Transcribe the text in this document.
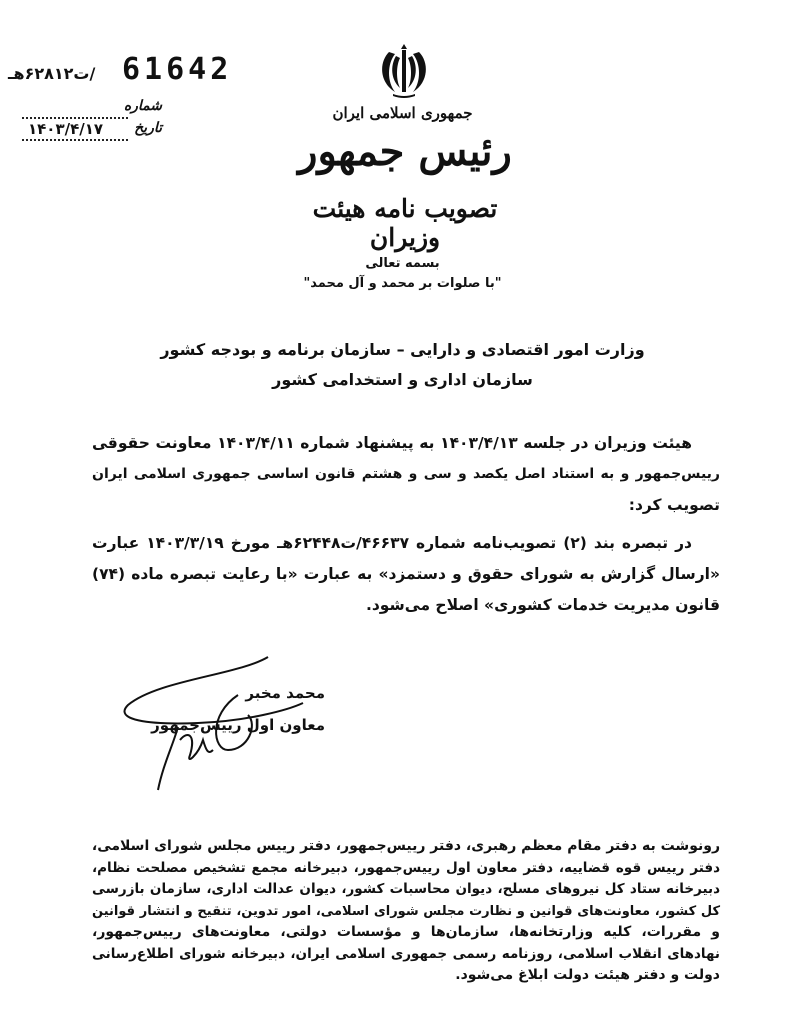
/ت۶۲۸۱۲هـ 61642
شماره
تاریخ
۱۴۰۳/۴/۱۷
جمهوری اسلامی ایران
رئیس جمهور
تصویب نامه هیئت وزیران
بسمه تعالی
"با صلوات بر محمد و آل محمد"
وزارت امور اقتصادی و دارایی – سازمان برنامه و بودجه کشور
سازمان اداری و استخدامی کشور
هیئت وزیران در جلسه ۱۴۰۳/۴/۱۳ به پیشنهاد شماره ۱۴۰۳/۴/۱۱ معاونت حقوقی
رییس‌جمهور و به استناد اصل یکصد و سی و هشتم قانون اساسی جمهوری اسلامی ایران
تصویب کرد:
در تبصره بند (۲) تصویب‌نامه شماره ۴۶۶۳۷/ت۶۲۴۴۸هـ مورخ ۱۴۰۳/۳/۱۹ عبارت
«ارسال گزارش به شورای حقوق و دستمزد» به عبارت «با رعایت تبصره ماده (۷۴)
قانون مدیریت خدمات کشوری» اصلاح می‌شود.
محمد مخبر
معاون اول رییس‌جمهور
رونوشت به دفتر مقام معظم رهبری، دفتر رییس‌جمهور، دفتر رییس مجلس شورای اسلامی،
دفتر رییس قوه قضاییه، دفتر معاون اول رییس‌جمهور، دبیرخانه مجمع تشخیص مصلحت نظام،
دبیرخانه ستاد کل نیروهای مسلح، دیوان محاسبات کشور، دیوان عدالت اداری، سازمان بازرسی
کل کشور، معاونت‌های قوانین و نظارت مجلس شورای اسلامی، امور تدوین، تنقیح و انتشار قوانین
و مقررات، کلیه وزارتخانه‌ها، سازمان‌ها و مؤسسات دولتی، معاونت‌های رییس‌جمهور،
نهادهای انقلاب اسلامی، روزنامه رسمی جمهوری اسلامی ایران، دبیرخانه شورای اطلاع‌رسانی
دولت و دفتر هیئت دولت ابلاغ می‌شود.
